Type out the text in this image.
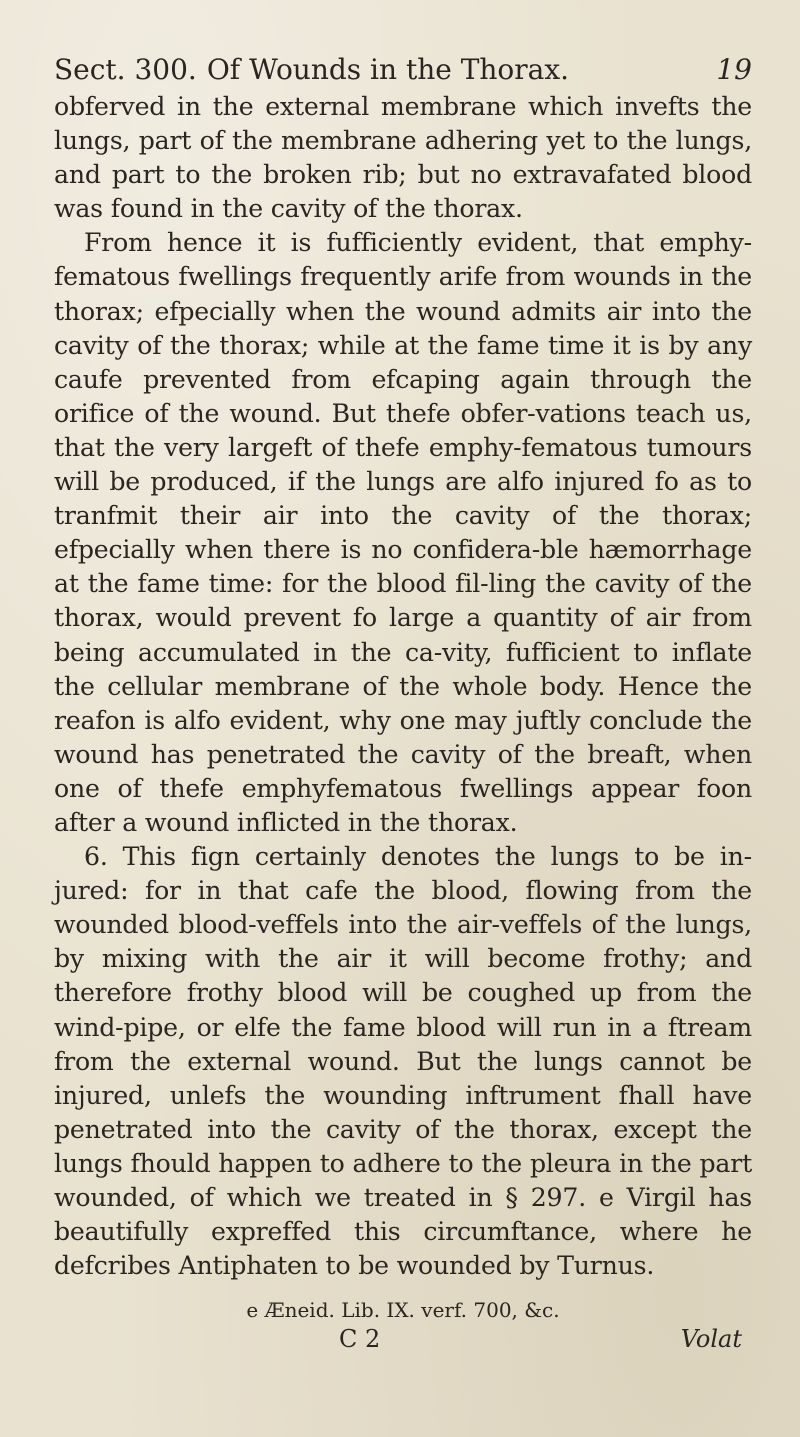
Sect. 300. Of Wounds in the Thorax.	19

obferved in the external membrane which invefts the lungs, part of the membrane adhering yet to the lungs, and part to the broken rib; but no extravafated blood was found in the cavity of the thorax.

From hence it is fufficiently evident, that emphy-fematous fwellings frequently arife from wounds in the thorax; efpecially when the wound admits air into the cavity of the thorax; while at the fame time it is by any caufe prevented from efcaping again through the orifice of the wound. But thefe obfer-vations teach us, that the very largeft of thefe emphy-fematous tumours will be produced, if the lungs are alfo injured fo as to tranfmit their air into the cavity of the thorax; efpecially when there is no confidera-ble hæmorrhage at the fame time: for the blood fil-ling the cavity of the thorax, would prevent fo large a quantity of air from being accumulated in the ca-vity, fufficient to inflate the cellular membrane of the whole body. Hence the reafon is alfo evident, why one may juftly conclude the wound has penetrated the cavity of the breaft, when one of thefe emphyfematous fwellings appear foon after a wound inflicted in the thorax.

6. This fign certainly denotes the lungs to be in-jured: for in that cafe the blood, flowing from the wounded blood-veffels into the air-veffels of the lungs, by mixing with the air it will become frothy; and therefore frothy blood will be coughed up from the wind-pipe, or elfe the fame blood will run in a ftream from the external wound. But the lungs cannot be injured, unlefs the wounding inftrument fhall have penetrated into the cavity of the thorax, except the lungs fhould happen to adhere to the pleura in the part wounded, of which we treated in § 297. e Virgil has beautifully expreffed this circumftance, where he defcribes Antiphaten to be wounded by Turnus.

e Æneid. Lib. IX. verf. 700, &c.
C 2	Volat
